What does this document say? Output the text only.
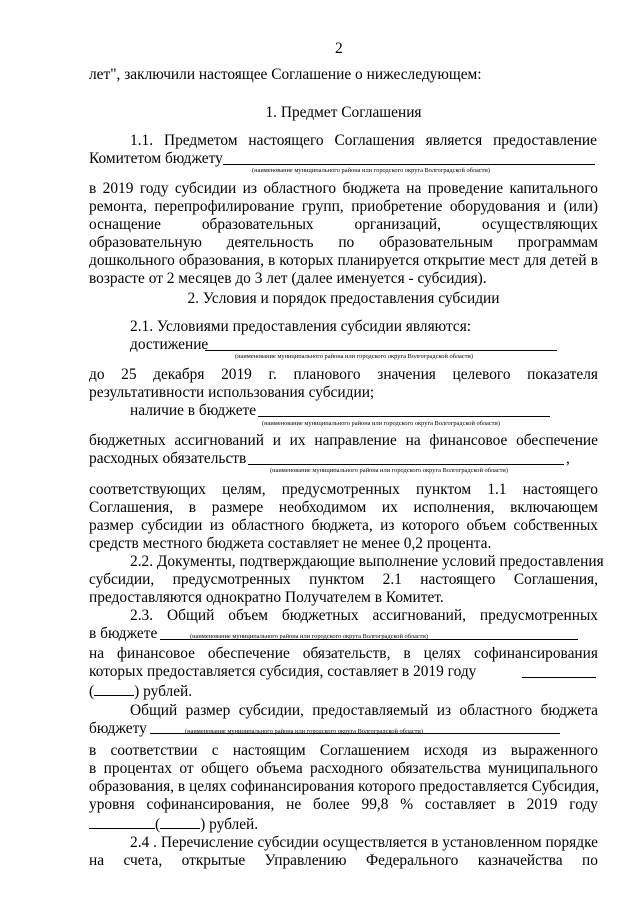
2
лет", заключили настоящее Соглашение о нижеследующем:
1. Предмет Соглашения
1.1. Предметом настоящего Соглашения является предоставление
Комитетом бюджету
(наименование муниципального района или городского округа Волгоградской области)
в 2019 году субсидии из областного бюджета на проведение капитального
ремонта, перепрофилирование групп, приобретение оборудования и (или)
оснащение образовательных организаций, осуществляющих
образовательную деятельность по образовательным программам
дошкольного образования, в которых планируется открытие мест для детей в
возрасте от 2 месяцев до 3 лет (далее именуется - субсидия).
2. Условия и порядок предоставления субсидии
2.1. Условиями предоставления субсидии являются:
достижение
(наименование муниципального района или городского округа Волгоградской области)
до 25 декабря 2019 г. планового значения целевого показателя
результативности использования субсидии;
наличие в бюджете
(наименование муниципального района или городского округа Волгоградской области)
бюджетных ассигнований и их направление на финансовое обеспечение
расходных обязательств	,
(наименование муниципального района или городского округа Волгоградской области)
соответствующих целям, предусмотренных пунктом 1.1 настоящего
Соглашения, в размере необходимом их исполнения, включающем
размер субсидии из областного бюджета, из которого объем собственных
средств местного бюджета составляет не менее 0,2 процента.
2.2. Документы, подтверждающие выполнение условий предоставления
субсидии, предусмотренных пунктом 2.1 настоящего Соглашения,
предоставляются однократно Получателем в Комитет.
2.3. Общий объем бюджетных ассигнований, предусмотренных
в бюджете	(наименование муниципального района или городского округа Волгоградской области)
на финансовое обеспечение обязательств, в целях софинансирования
которых предоставляется субсидия, составляет в 2019 году
(	) рублей.
Общий размер субсидии, предоставляемый из областного бюджета
бюджету	(наименование муниципального района или городского округа Волгоградской области)
в соответствии с настоящим Соглашением исходя из выраженного
в процентах от общего объема расходного обязательства муниципального
образования, в целях софинансирования которого предоставляется Субсидия,
уровня софинансирования, не более 99,8 % составляет в 2019 году
(	) рублей.
2.4 . Перечисление субсидии осуществляется в установленном порядке
на счета, открытые Управлению Федерального казначейства по
